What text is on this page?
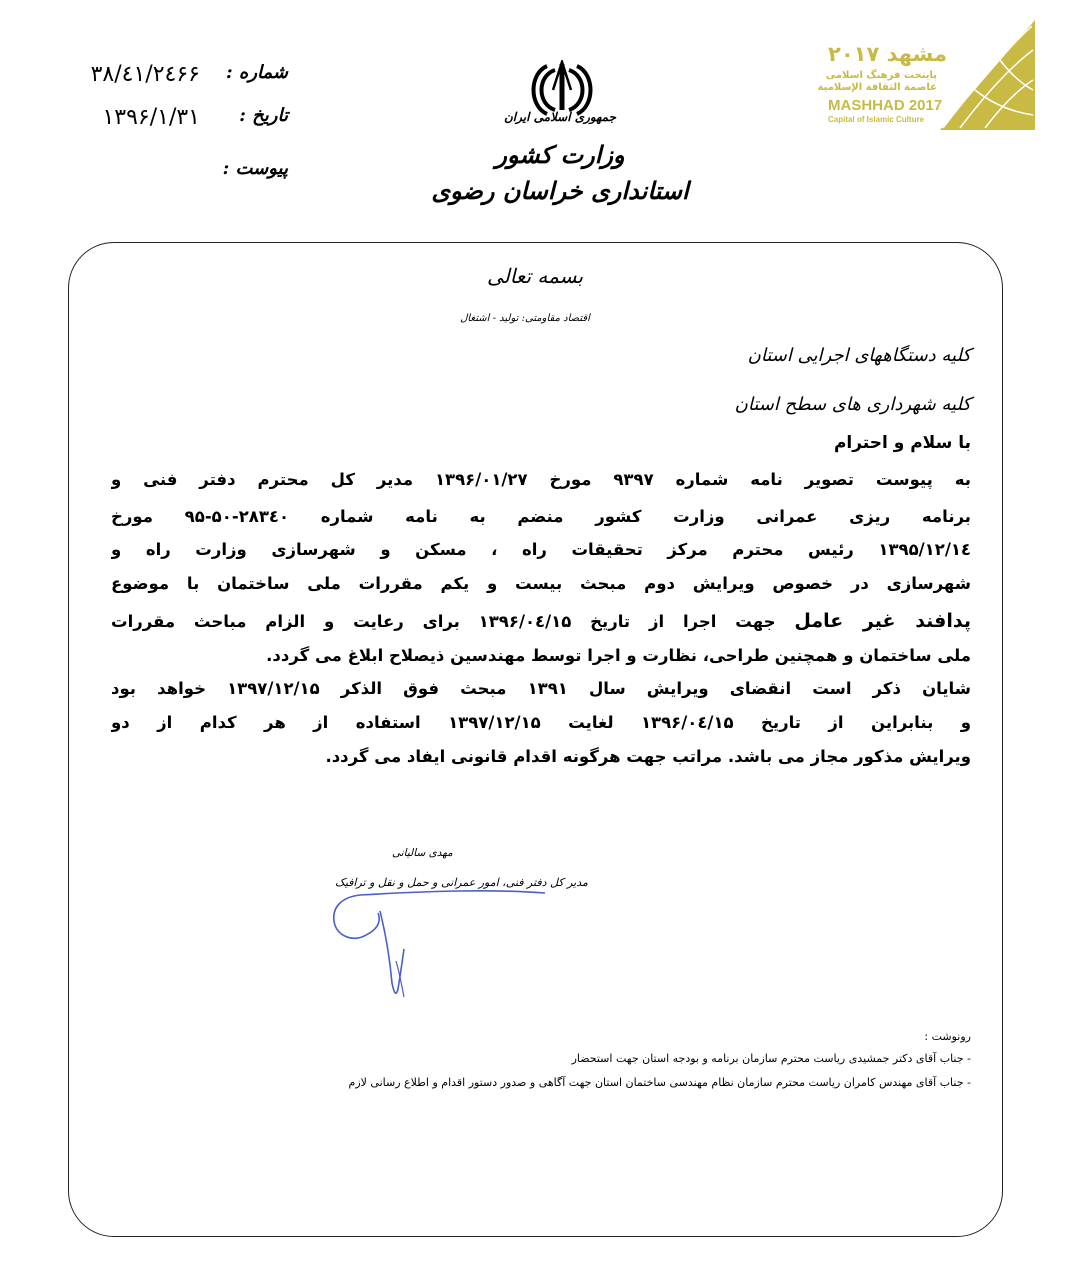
۳۸/٤۱/۲٤۶۶	شماره :
۱۳۹۶/۱/۳۱	تاریخ :
پیوست :
جمهوری اسلامی ایران
وزارت کشور
استانداری خراسان رضوی
مشهد ۲۰۱۷
پایتخت فرهنگ اسلامی
عاصمة الثقافة الإسلامية
MASHHAD 2017
Capital of Islamic Culture
بسمه تعالی
اقتصاد مقاومتی: تولید - اشتغال
کلیه دستگاههای اجرایی استان
کلیه شهرداری های سطح استان
با سلام و احترام
به پیوست تصویر نامه شماره ۹۳۹۷ مورخ ۱۳۹۶/۰۱/۲۷ مدیر کل محترم دفتر فنی و
برنامه ریزی عمرانی وزارت کشور منضم به نامه شماره ۲۸۳٤۰-۵۰-۹۵ مورخ
۱۳۹۵/۱۲/۱٤ رئیس محترم مرکز تحقیقات راه ، مسکن و شهرسازی وزارت راه و
شهرسازی در خصوص ویرایش دوم مبحث بیست و یکم مقررات ملی ساختمان با موضوع
پدافند غیر عامل جهت اجرا از تاریخ ۱۳۹۶/۰٤/۱۵ برای رعایت و الزام مباحث مقررات
ملی ساختمان و همچنین طراحی، نظارت و اجرا توسط مهندسین ذیصلاح ابلاغ می گردد.
شایان ذکر است انقضای ویرایش سال ۱۳۹۱ مبحث فوق الذکر ۱۳۹۷/۱۲/۱۵ خواهد بود
و بنابراین از تاریخ ۱۳۹۶/۰٤/۱۵ لغایت ۱۳۹۷/۱۲/۱۵ استفاده از هر کدام از دو
ویرایش مذکور مجاز می باشد. مراتب جهت هرگونه اقدام قانونی ایفاد می گردد.
مهدی سالیانی
مدیر کل دفتر فنی، امور عمرانی و حمل و نقل و ترافیک
رونوشت :
- جناب آقای دکتر جمشیدی ریاست محترم سازمان برنامه و بودجه استان جهت استحضار
- جناب آقای مهندس کامران ریاست محترم سازمان نظام مهندسی ساختمان استان جهت آگاهی و صدور دستور اقدام و اطلاع رسانی لازم
